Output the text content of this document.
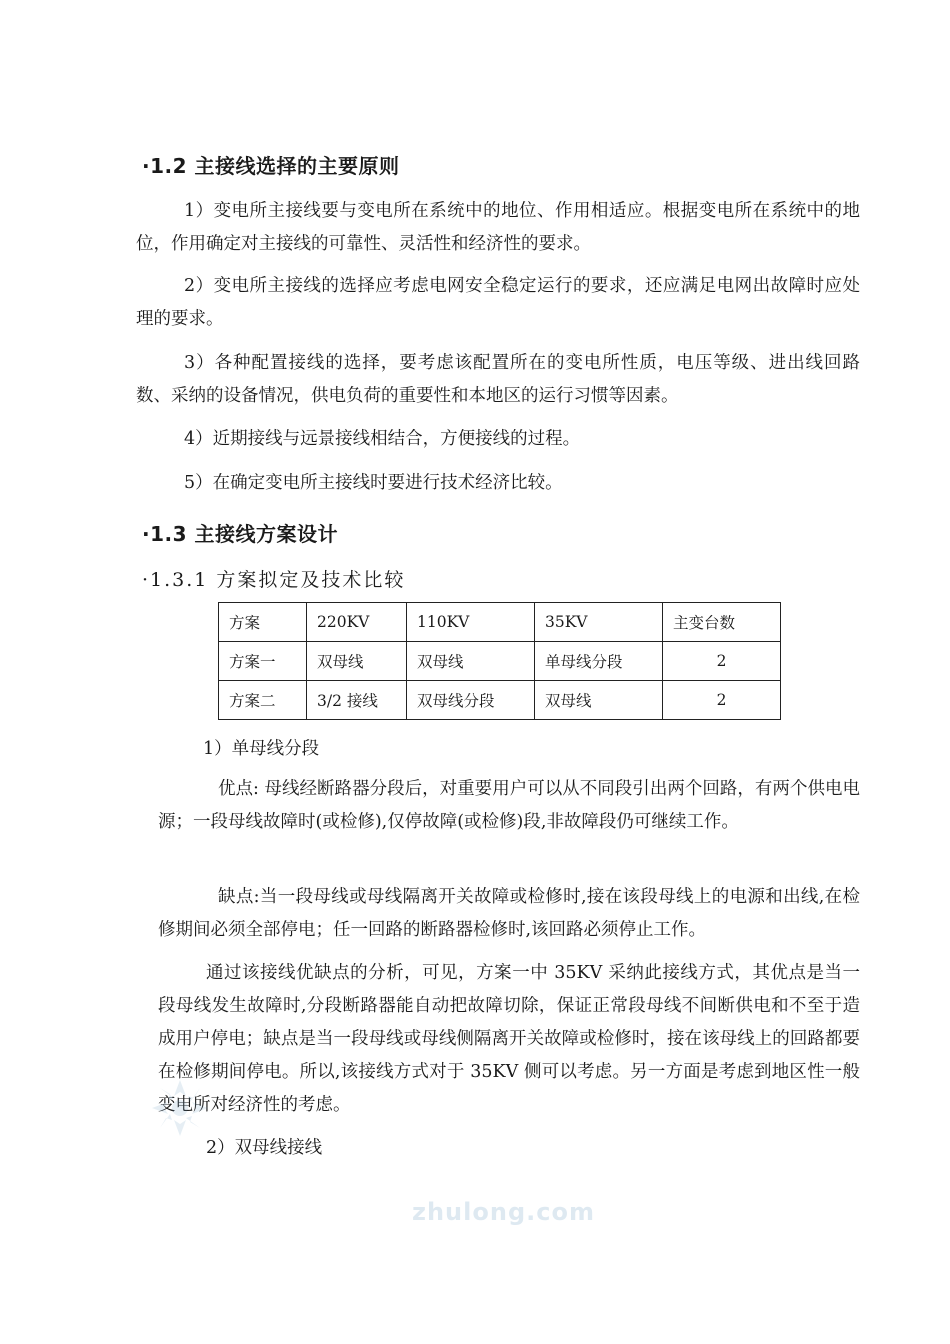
·1.2 主接线选择的主要原则

1）变电所主接线要与变电所在系统中的地位、作用相适应。根据变电所在系统中的地位，作用确定对主接线的可靠性、灵活性和经济性的要求。

2）变电所主接线的选择应考虑电网安全稳定运行的要求，还应满足电网出故障时应处理的要求。

3）各种配置接线的选择，要考虑该配置所在的变电所性质，电压等级、进出线回路数、采纳的设备情况，供电负荷的重要性和本地区的运行习惯等因素。

4）近期接线与远景接线相结合，方便接线的过程。

5）在确定变电所主接线时要进行技术经济比较。

·1.3 主接线方案设计
·1.3.1 方案拟定及技术比较
方案	220KV	110KV	35KV	主变台数
方案一	双母线	双母线	单母线分段	2
方案二	3/2 接线	双母线分段	双母线	2
1）单母线分段

优点: 母线经断路器分段后，对重要用户可以从不同段引出两个回路，有两个供电电源；一段母线故障时(或检修),仅停故障(或检修)段,非故障段仍可继续工作。

缺点:当一段母线或母线隔离开关故障或检修时,接在该段母线上的电源和出线,在检修期间必须全部停电；任一回路的断路器检修时,该回路必须停止工作。

通过该接线优缺点的分析，可见，方案一中 35KV 采纳此接线方式，其优点是当一段母线发生故障时,分段断路器能自动把故障切除，保证正常段母线不间断供电和不至于造成用户停电；缺点是当一段母线或母线侧隔离开关故障或检修时，接在该母线上的回路都要在检修期间停电。所以,该接线方式对于 35KV 侧可以考虑。另一方面是考虑到地区性一般变电所对经济性的考虑。

2）双母线接线
zhulong.com
